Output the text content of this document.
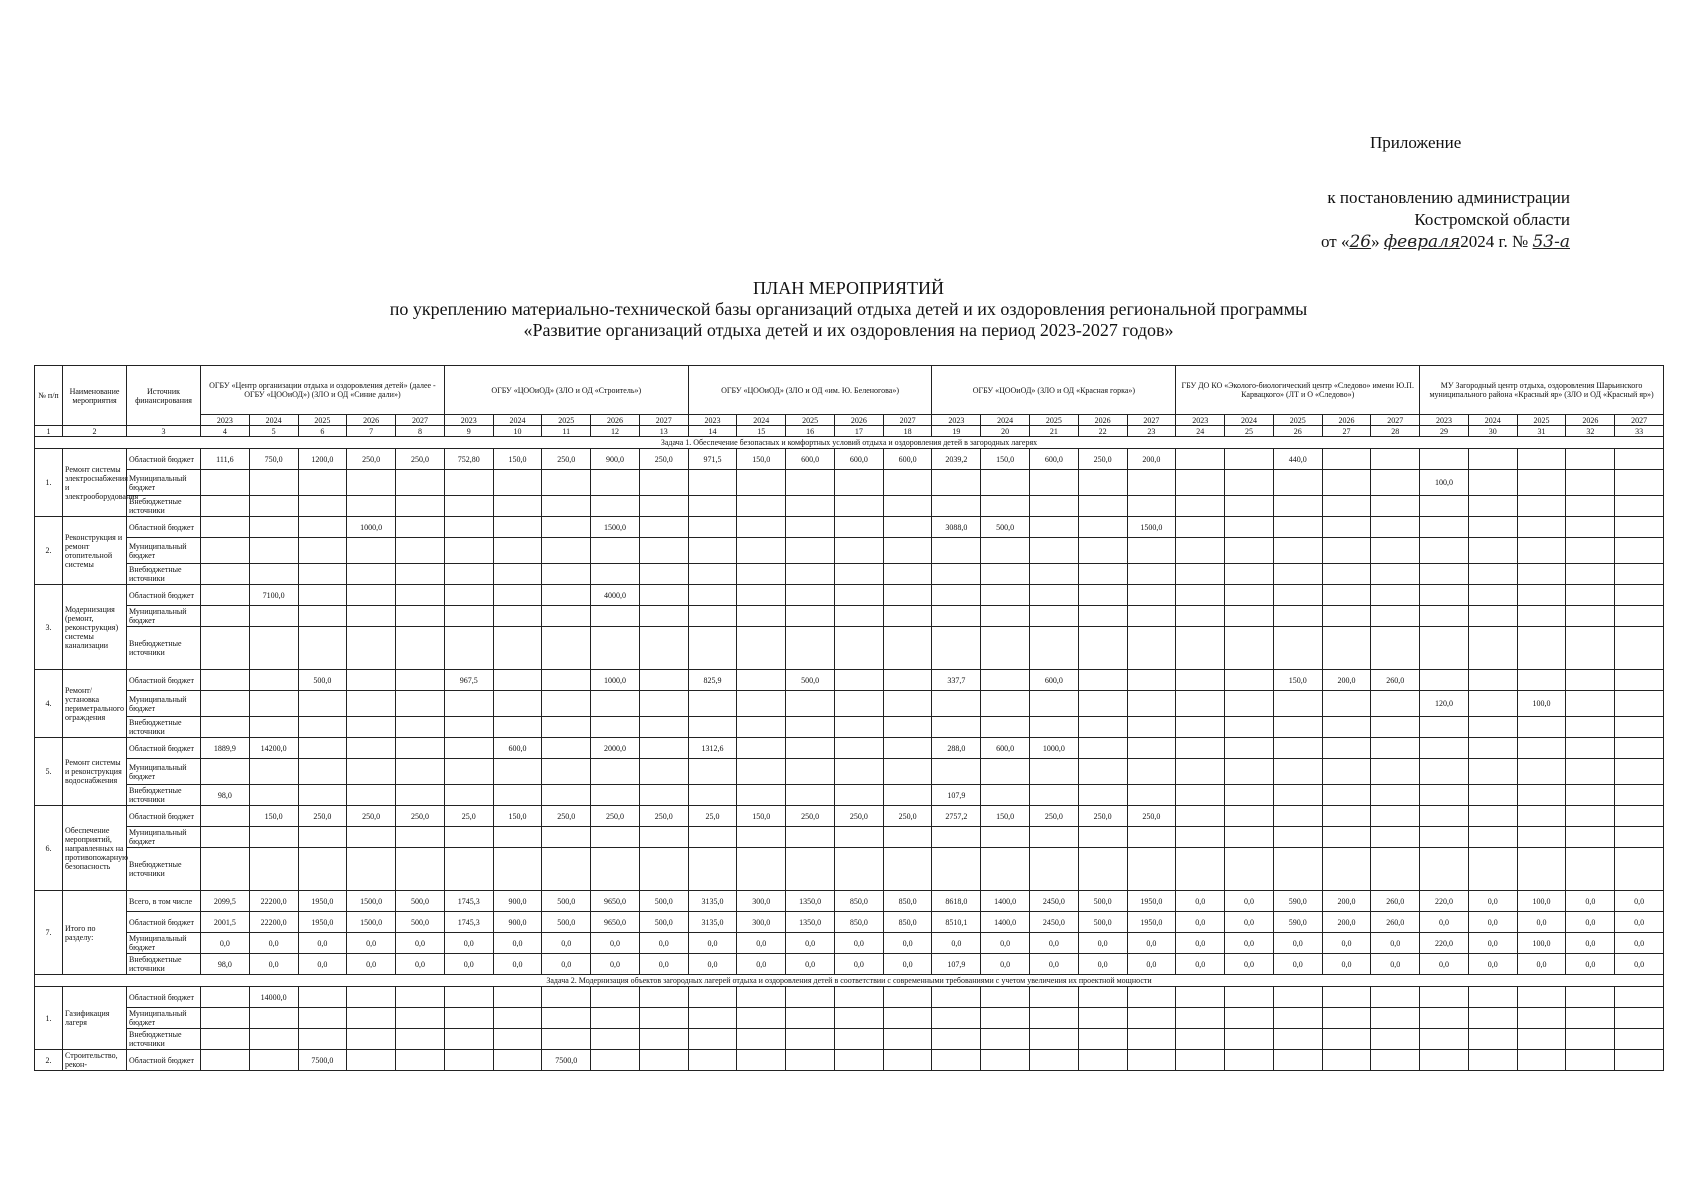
Приложение
к постановлению администрации
Костромской области
от «26» февраля2024 г. № 53-а
ПЛАН МЕРОПРИЯТИЙ
по укреплению материально-технической базы организаций отдыха детей и их оздоровления региональной программы
«Развитие организаций отдыха детей и их оздоровления на период 2023-2027 годов»
№ п/п	Наименование мероприятия	Источник финансирования	ОГБУ «Центр организации отдыха и оздоровления детей» (далее - ОГБУ «ЦООиОД») (ЗЛО и ОД «Синие дали»)					ОГБУ «ЦООиОД» (ЗЛО и ОД «Строитель»)					ОГБУ «ЦООиОД» (ЗЛО и ОД «им. Ю. Беленогова»)					ОГБУ «ЦООиОД» (ЗЛО и ОД «Красная горка»)					ГБУ ДО КО «Эколого-биологический центр «Следово» имени Ю.П. Карвацкого» (ЛТ и О «Следово»)					МУ Загородный центр отдыха, оздоровления Шарьинского муниципального района «Красный яр» (ЗЛО и ОД «Красный яр»)				
			2023	2024	2025	2026	2027	2023	2024	2025	2026	2027	2023	2024	2025	2026	2027	2023	2024	2025	2026	2027	2023	2024	2025	2026	2027	2023	2024	2025	2026	2027
1	2	3	4	5	6	7	8	9	10	11	12	13	14	15	16	17	18	19	20	21	22	23	24	25	26	27	28	29	30	31	32	33
Задача 1. Обеспечение безопасных и комфортных условий отдыха и оздоровления детей в загородных лагерях																																
1.	Ремонт системы электроснабжения и электрооборудования	Областной бюджет	111,6	750,0	1200,0	250,0	250,0	752,80	150,0	250,0	900,0	250,0	971,5	150,0	600,0	600,0	600,0	2039,2	150,0	600,0	250,0	200,0			440,0							
		Муниципальный бюджет																										100,0				
		Внебюджетные источники																														
2.	Реконструкция и ремонт отопительной системы	Областной бюджет				1000,0					1500,0							3088,0	500,0			1500,0										
		Муниципальный бюджет																														
		Внебюджетные источники																														
3.	Модернизация (ремонт, реконструкция) системы канализации	Областной бюджет		7100,0							4000,0																					
		Муниципальный бюджет																														
		Внебюджетные источники																														
4.	Ремонт/установка периметрального ограждения	Областной бюджет			500,0			967,5			1000,0		825,9		500,0			337,7		600,0					150,0	200,0	260,0					
		Муниципальный бюджет																										120,0		100,0		
		Внебюджетные источники																														
5.	Ремонт системы и реконструкция водоснабжения	Областной бюджет	1889,9	14200,0					600,0		2000,0		1312,6					288,0	600,0	1000,0												
		Муниципальный бюджет																														
		Внебюджетные источники	98,0															107,9														
6.	Обеспечение мероприятий, направленных на противопожарную безопасность	Областной бюджет		150,0	250,0	250,0	250,0	25,0	150,0	250,0	250,0	250,0	25,0	150,0	250,0	250,0	250,0	2757,2	150,0	250,0	250,0	250,0										
		Муниципальный бюджет																														
		Внебюджетные источники																														
7.	Итого по разделу:	Всего, в том числе	2099,5	22200,0	1950,0	1500,0	500,0	1745,3	900,0	500,0	9650,0	500,0	3135,0	300,0	1350,0	850,0	850,0	8618,0	1400,0	2450,0	500,0	1950,0	0,0	0,0	590,0	200,0	260,0	220,0	0,0	100,0	0,0	0,0
		Областной бюджет	2001,5	22200,0	1950,0	1500,0	500,0	1745,3	900,0	500,0	9650,0	500,0	3135,0	300,0	1350,0	850,0	850,0	8510,1	1400,0	2450,0	500,0	1950,0	0,0	0,0	590,0	200,0	260,0	0,0	0,0	0,0	0,0	0,0
		Муниципальный бюджет	0,0	0,0	0,0	0,0	0,0	0,0	0,0	0,0	0,0	0,0	0,0	0,0	0,0	0,0	0,0	0,0	0,0	0,0	0,0	0,0	0,0	0,0	0,0	0,0	0,0	220,0	0,0	100,0	0,0	0,0
		Внебюджетные источники	98,0	0,0	0,0	0,0	0,0	0,0	0,0	0,0	0,0	0,0	0,0	0,0	0,0	0,0	0,0	107,9	0,0	0,0	0,0	0,0	0,0	0,0	0,0	0,0	0,0	0,0	0,0	0,0	0,0	0,0
Задача 2. Модернизация объектов загородных лагерей отдыха и оздоровления детей в соответствии с современными требованиями с учетом увеличения их проектной мощности																																
1.	Газификация лагеря	Областной бюджет		14000,0																												
		Муниципальный бюджет																														
		Внебюджетные источники																														
2.	Строительство, рекон-	Областной бюджет			7500,0					7500,0																						
